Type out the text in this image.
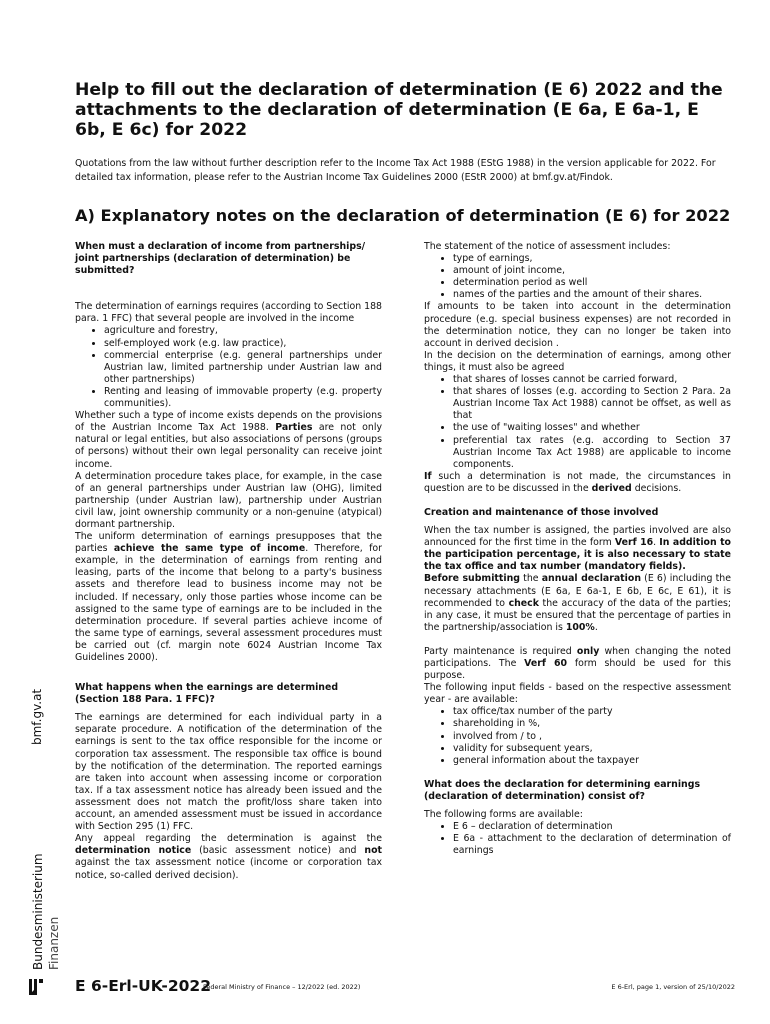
Help to fill out the declaration of determination (E 6) 2022 and the attachments to the declaration of determination (E 6a, E 6a-1, E 6b, E 6c) for 2022

Quotations from the law without further description refer to the Income Tax Act 1988 (EStG 1988) in the version applicable for 2022. For detailed tax information, please refer to the Austrian Income Tax Guidelines 2000 (EStR 2000) at bmf.gv.at/Findok.

A) Explanatory notes on the declaration of determination (E 6) for 2022
When must a declaration of income from partnerships/ joint partnerships (declaration of determination) be submitted?

The determination of earnings requires (according to Section 188 para. 1 FFC) that several people are involved in the income

• agriculture and forestry,
• self-employed work (e.g. law practice),
• commercial enterprise (e.g. general partnerships under Austrian law, limited partnership under Austrian law and other partnerships)
• Renting and leasing of immovable property (e.g. property communities).

Whether such a type of income exists depends on the provisions of the Austrian Income Tax Act 1988. Parties are not only natural or legal entities, but also associations of persons (groups of persons) without their own legal personality can receive joint income.

A determination procedure takes place, for example, in the case of an general partnerships under Austrian law (OHG), limited partnership (under Austrian law), partnership under Austrian civil law, joint ownership community or a non-genuine (atypical) dormant partnership.

The uniform determination of earnings presupposes that the parties achieve the same type of income. Therefore, for example, in the determination of earnings from renting and leasing, parts of the income that belong to a party's business assets and therefore lead to business income may not be included. If necessary, only those parties whose income can be assigned to the same type of earnings are to be included in the determination procedure. If several parties achieve income of the same type of earnings, several assessment procedures must be carried out (cf. margin note 6024 Austrian Income Tax Guidelines 2000).

What happens when the earnings are determined (Section 188 Para. 1 FFC)?

The earnings are determined for each individual party in a separate procedure. A notification of the determination of the earnings is sent to the tax office responsible for the income or corporation tax assessment. The responsible tax office is bound by the notification of the determination. The reported earnings are taken into account when assessing income or corporation tax. If a tax assessment notice has already been issued and the assessment does not match the profit/loss share taken into account, an amended assessment must be issued in accordance with Section 295 (1) FFC.

Any appeal regarding the determination is against the determination notice (basic assessment notice) and not against the tax assessment notice (income or corporation tax notice, so-called derived decision).

The statement of the notice of assessment includes:

• type of earnings,
• amount of joint income,
• determination period as well
• names of the parties and the amount of their shares.

If amounts to be taken into account in the determination procedure (e.g. special business expenses) are not recorded in the determination notice, they can no longer be taken into account in derived decision .

In the decision on the determination of earnings, among other things, it must also be agreed

• that shares of losses cannot be carried forward,
• that shares of losses (e.g. according to Section 2 Para. 2a Austrian Income Tax Act 1988) cannot be offset, as well as that
• the use of "waiting losses" and whether
• preferential tax rates (e.g. according to Section 37 Austrian Income Tax Act 1988) are applicable to income components.

If such a determination is not made, the circumstances in question are to be discussed in the derived decisions.

Creation and maintenance of those involved

When the tax number is assigned, the parties involved are also announced for the first time in the form Verf 16. In addition to the participation percentage, it is also necessary to state the tax office and tax number (mandatory fields).

Before submitting the annual declaration (E 6) including the necessary attachments (E 6a, E 6a-1, E 6b, E 6c, E 61), it is recommended to check the accuracy of the data of the parties; in any case, it must be ensured that the percentage of parties in the partnership/association is 100%.

Party maintenance is required only when changing the noted participations. The Verf 60 form should be used for this purpose.

The following input fields - based on the respective assessment year - are available:

• tax office/tax number of the party
• shareholding in %,
• involved from / to ,
• validity for subsequent years,
• general information about the taxpayer
What does the declaration for determining earnings (declaration of determination) consist of?

The following forms are available:

• E 6 – declaration of determination
• E 6a - attachment to the declaration of determination of earnings
bmf.gv.at
Bundesministerium Finanzen
E 6-Erl-UK-2022
Federal Ministry of Finance – 12/2022 (ed. 2022)	E 6-Erl, page 1, version of 25/10/2022
